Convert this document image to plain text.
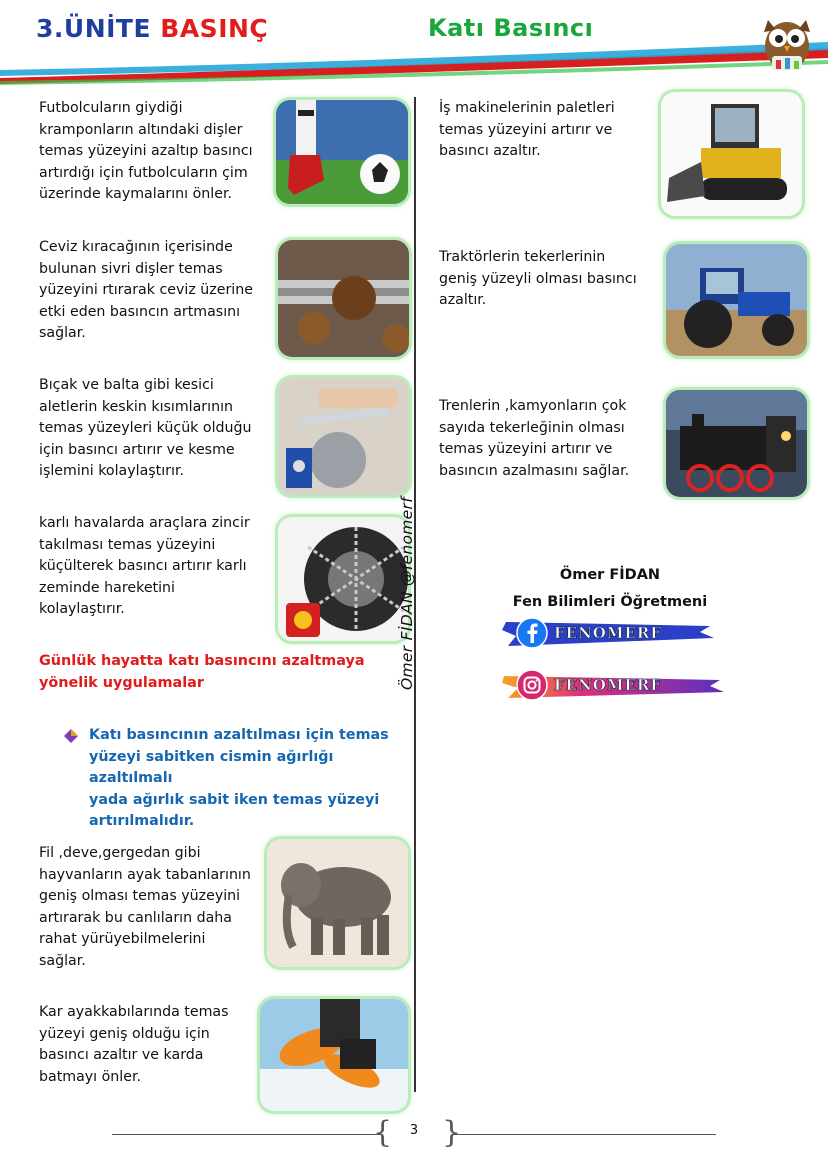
3.ÜNİTE BASINÇ	Katı Basıncı
Futbolcuların giydiği
kramponların altındaki dişler
temas yüzeyini azaltıp basıncı
artırdığı için futbolcuların çim
üzerinde kaymalarını önler.
Ceviz kıracağının içerisinde
bulunan sivri dişler temas
yüzeyini rtırarak ceviz üzerine
etki eden basıncın artmasını
sağlar.
Bıçak ve balta gibi kesici
aletlerin keskin kısımlarının
temas yüzeyleri küçük olduğu
için basıncı artırır ve kesme
işlemini kolaylaştırır.
karlı havalarda araçlara zincir
takılması temas yüzeyini
küçülterek basıncı artırır karlı
zeminde hareketini
kolaylaştırır.
Günlük hayatta katı basıncını azaltmaya
yönelik uygulamalar
Katı basıncının azaltılması için temas
yüzeyi sabitken cismin ağırlığı azaltılmalı
yada ağırlık sabit iken temas yüzeyi
artırılmalıdır.
Fil ,deve,gergedan gibi
hayvanların ayak tabanlarının
geniş olması temas yüzeyini
artırarak bu canlıların daha
rahat yürüyebilmelerini
sağlar.
Kar ayakkabılarında temas
yüzeyi geniş olduğu için
basıncı azaltır ve karda
batmayı önler.
Ömer FİDAN @fenomerf
İş makinelerinin paletleri
temas yüzeyini artırır ve
basıncı azaltır.
Traktörlerin tekerlerinin
geniş yüzeyli olması basıncı
azaltır.
Trenlerin ,kamyonların çok
sayıda tekerleğinin olması
temas yüzeyini artırır ve
basıncın azalmasını sağlar.
Ömer FİDAN
Fen Bilimleri Öğretmeni
FENOMERF
FENOMERF
{ }
3
